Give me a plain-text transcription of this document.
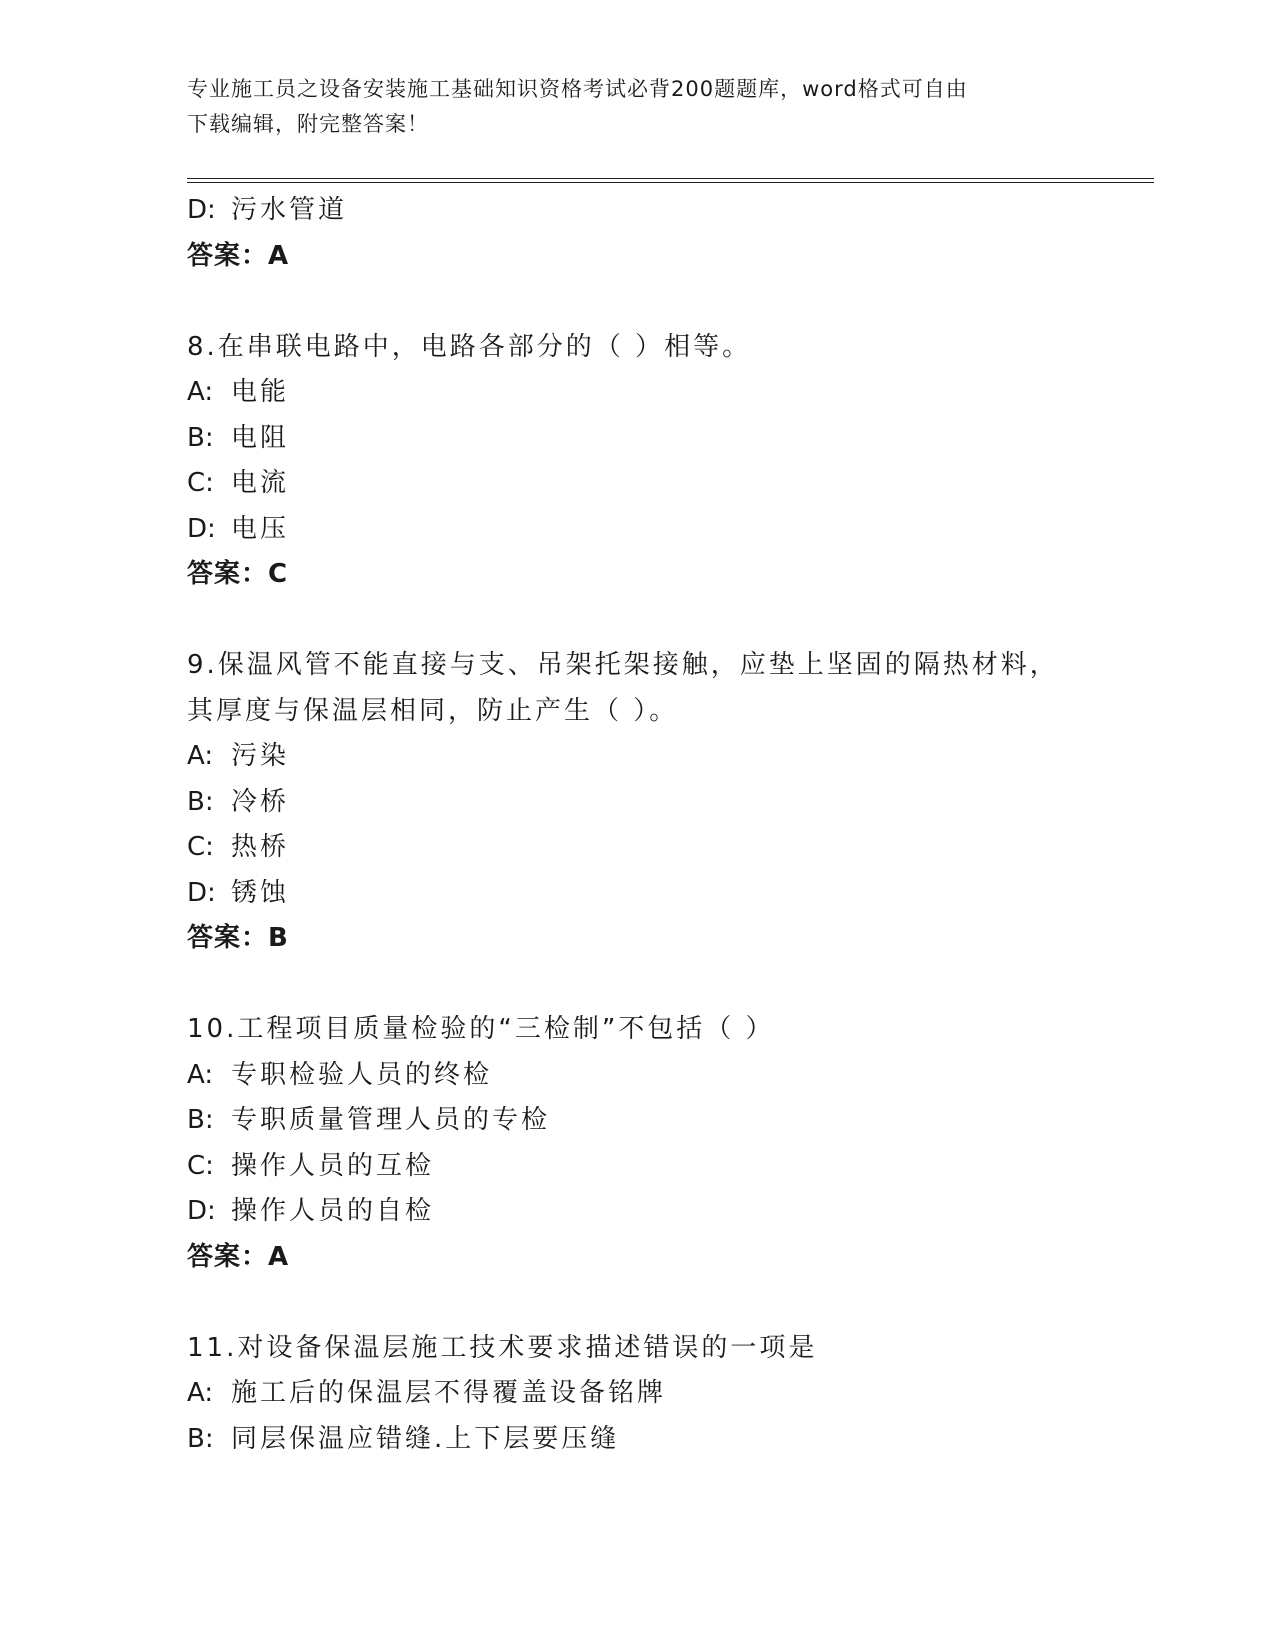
专业施工员之设备安装施工基础知识资格考试必背200题题库，word格式可自由
下载编辑，附完整答案！
D: 污水管道
答案：A
8.在串联电路中，电路各部分的（ ）相等。
A: 电能
B: 电阻
C: 电流
D: 电压
答案：C
9.保温风管不能直接与支、吊架托架接触，应垫上坚固的隔热材料，
其厚度与保温层相同，防止产生（ ）。
A: 污染
B: 冷桥
C: 热桥
D: 锈蚀
答案：B
10.工程项目质量检验的“三检制”不包括（ ）
A: 专职检验人员的终检
B: 专职质量管理人员的专检
C: 操作人员的互检
D: 操作人员的自检
答案：A
11.对设备保温层施工技术要求描述错误的一项是
A: 施工后的保温层不得覆盖设备铭牌
B: 同层保温应错缝.上下层要压缝
